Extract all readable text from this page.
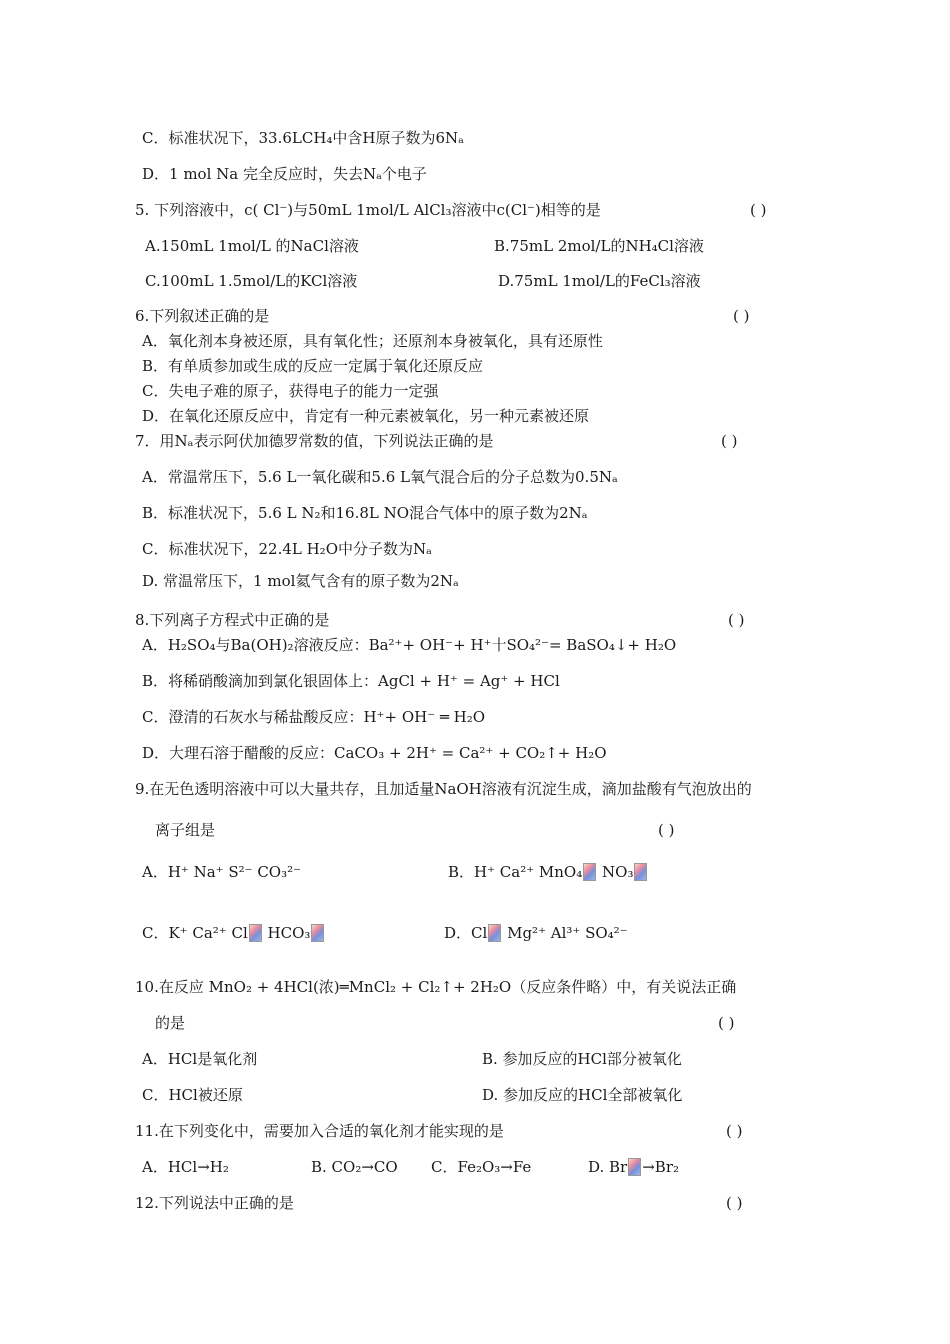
C．标准状况下，33.6LCH₄中含H原子数为6Nₐ
D．1 mol Na 完全反应时，失去Nₐ个电子
5. 下列溶液中，c( Cl⁻)与50mL 1mol/L AlCl₃溶液中c(Cl⁻)相等的是	( )
A.150mL 1mol/L 的NaCl溶液	B.75mL 2mol/L的NH₄Cl溶液
C.100mL 1.5mol/L的KCl溶液	D.75mL 1mol/L的FeCl₃溶液
6.下列叙述正确的是	( )
A．氧化剂本身被还原，具有氧化性；还原剂本身被氧化，具有还原性
B．有单质参加或生成的反应一定属于氧化还原反应
C．失电子难的原子，获得电子的能力一定强
D．在氧化还原反应中，肯定有一种元素被氧化，另一种元素被还原
7．用Nₐ表示阿伏加德罗常数的值，下列说法正确的是	( )
A．常温常压下，5.6 L一氧化碳和5.6 L氧气混合后的分子总数为0.5Nₐ
B．标准状况下，5.6 L N₂和16.8L NO混合气体中的原子数为2Nₐ
C．标准状况下，22.4L H₂O中分子数为Nₐ
D. 常温常压下，1 mol氦气含有的原子数为2Nₐ
8.下列离子方程式中正确的是	( )
A．H₂SO₄与Ba(OH)₂溶液反应：Ba²⁺+ OH⁻+ H⁺十SO₄²⁻= BaSO₄↓+ H₂O
B．将稀硝酸滴加到氯化银固体上：AgCl + H⁺ = Ag⁺ + HCl
C．澄清的石灰水与稀盐酸反应：H⁺+ OH⁻ ═ H₂O
D．大理石溶于醋酸的反应：CaCO₃ + 2H⁺ = Ca²⁺ + CO₂↑+ H₂O
9.在无色透明溶液中可以大量共存，且加适量NaOH溶液有沉淀生成，滴加盐酸有气泡放出的
离子组是	( )
A．H⁺ Na⁺ S²⁻ CO₃²⁻	B．H⁺ Ca²⁺ MnO₄ NO₃
C．K⁺ Ca²⁺ Cl HCO₃	D．Cl Mg²⁺ Al³⁺ SO₄²⁻
10.在反应 MnO₂ + 4HCl(浓)═MnCl₂ + Cl₂↑+ 2H₂O（反应条件略）中，有关说法正确
的是	( )
A．HCl是氧化剂	B. 参加反应的HCl部分被氧化
C．HCl被还原	D. 参加反应的HCl全部被氧化
11.在下列变化中，需要加入合适的氧化剂才能实现的是	( )
A．HCl→H₂	B. CO₂→CO C．Fe₂O₃→Fe	D. Br →Br₂
12.下列说法中正确的是	( )
